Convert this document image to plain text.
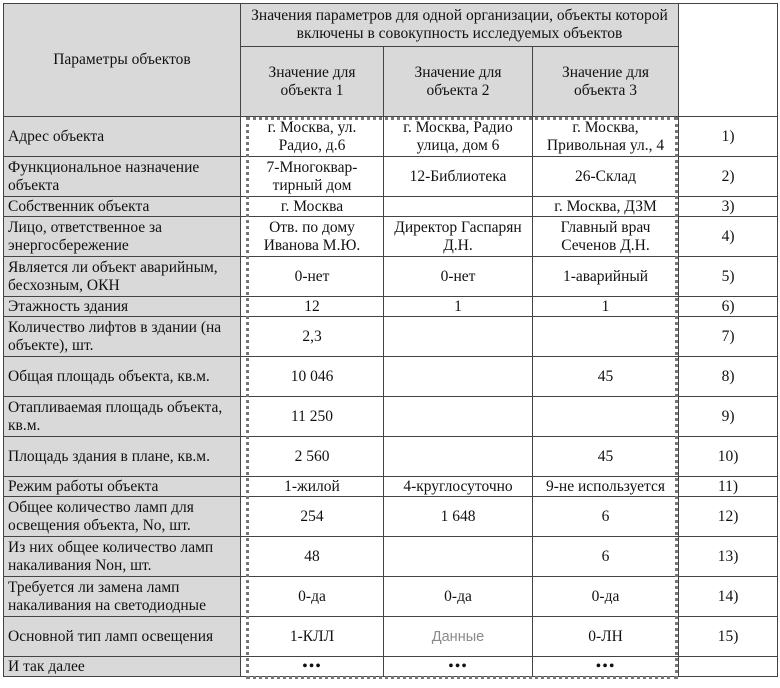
Параметры объектов	Значения параметров для одной организации, объекты которой включены в совокупность исследуемых объектов			
	Значение для объекта 1	Значение для объекта 2	Значение для объекта 3	
Адрес объекта	г. Москва, ул. Радио, д.6	г. Москва, Радио улица, дом 6	г. Москва, Привольная ул., 4	1)
Функциональное назначение объекта	7-Многоквар-тирный дом	12-Библиотека	26-Склад	2)
Собственник объекта	г. Москва		г. Москва, ДЗМ	3)
Лицо, ответственное за энергосбережение	Отв. по дому Иванова М.Ю.	Директор Гаспарян Д.Н.	Главный врач Сеченов Д.Н.	4)
Является ли объект аварийным, бесхозным, ОКН	0-нет	0-нет	1-аварийный	5)
Этажность здания	12	1	1	6)
Количество лифтов в здании (на объекте), шт.	2,3			7)
Общая площадь объекта, кв.м.	10 046		45	8)
Отапливаемая площадь объекта, кв.м.	11 250			9)
Площадь здания в плане, кв.м.	2 560		45	10)
Режим работы объекта	1-жилой	4-круглосуточно	9-не используется	11)
Общее количество ламп для освещения объекта, No, шт.	254	1 648	6	12)
Из них общее количество ламп накаливания Noн, шт.	48		6	13)
Требуется ли замена ламп накаливания на светодиодные	0-да	0-да	0-да	14)
Основной тип ламп освещения	1-КЛЛ	Данные	0-ЛН	15)
И так далее	•••	•••	•••	
